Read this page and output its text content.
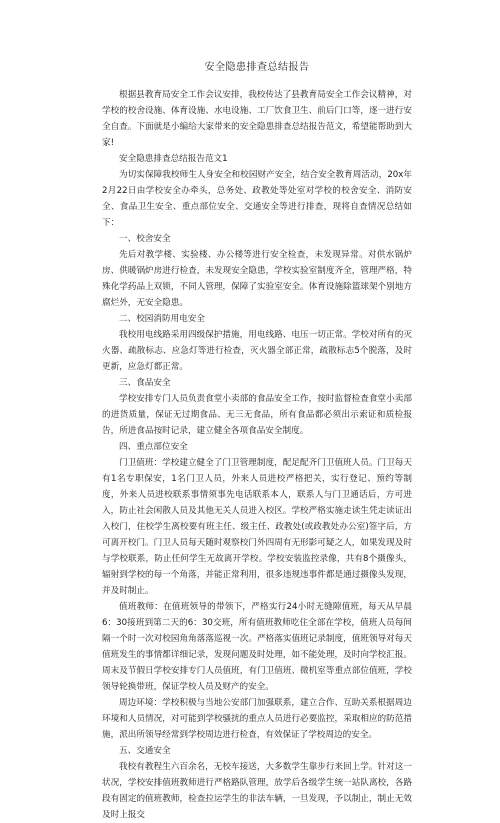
安全隐患排查总结报告

根据县教育局安全工作会议安排，我校传达了县教育局安全工作会议精神，对学校的校舍设施、体育设施、水电设施、工厂饮食卫生、前后门口等，逐一进行安全自查。下面就是小编给大家带来的安全隐患排查总结报告范文，希望能帮助到大家!

安全隐患排查总结报告范文1

为切实保障我校师生人身安全和校园财产安全，结合安全教育周活动，20x年2月22日由学校安全办牵头，总务处、政教处等处室对学校的校舍安全、消防安全、食品卫生安全、重点部位安全、交通安全等进行排查，现将自查情况总结如下：

一、校舍安全

先后对教学楼、实验楼、办公楼等进行安全检查，未发现异常。对供水锅炉房、供暖锅炉房进行检查，未发现安全隐患，学校实验室制度齐全，管理严格，特殊化学药品上双锁，不同人管理，保障了实验室安全。体育设施除篮球架个别地方腐烂外，无安全隐患。

二、校园消防用电安全

我校用电线路采用四级保护措施，用电线路、电压一切正常。学校对所有的灭火器、疏散标志、应急灯等进行检查，灭火器全部正常，疏散标志5个脱落，及时更新，应急灯都正常。

三、食品安全

学校安排专门人员负责食堂小卖部的食品安全工作，按时监督检查食堂小卖部的进货质量，保证无过期食品、无三无食品，所有食品都必须出示索证和质检报告，所进食品按时记录，建立健全各项食品安全制度。

四、重点部位安全

门卫值班：学校建立健全了门卫管理制度，配足配齐门卫值班人员。门卫每天有1名专职保安，1名门卫人员，外来人员进校严格把关，实行登记、预约等制度，外来人员进校联系事情须事先电话联系本人，联系人与门卫通话后，方可进入，防止社会闲散人员及其他无关人员进入校区。学校严格实施走读生凭走读证出入校门，住校学生离校要有班主任、级主任、政教处(或政教处办公室)签字后，方可离开校门。门卫人员每天随时观察校门外四周有无形影可疑之人，如果发现及时与学校联系，防止任何学生无故离开学校。学校安装监控录像，共有8个摄像头，辐射到学校的每一个角落，并能正常利用，很多违规违事件都是通过摄像头发现，并及时制止。

值班教师：在值班领导的带领下，严格实行24小时无缝隙值班，每天从早晨6：30接班到第二天的6：30交班，所有值班教师吃住全部在学校，值班人员每间隔一个时一次对校园角角落落巡视一次。严格落实值班记录制度，值班领导对每天值班发生的事情都详细记录，发现问题及时处理，如不能处理，及时向学校汇报。周末及节假日学校安排专门人员值班，有门卫值班、微机室等重点部位值班，学校领导轮换带班，保证学校人员及财产的安全。

周边环境：学校积极与当地公安部门加强联系，建立合作、互助关系根据周边环境和人员情况，对可能到学校骚扰的重点人员进行必要监控，采取相应的防范措施，派出所领导经常到学校周边进行检查，有效保证了学校周边的安全。

五、交通安全

我校有教程生六百余名，无校车接送，大多数学生靠步行来回上学。针对这一状况，学校安排值班教师进行严格路队管理，放学后各级学生统一站队离校，各路段有固定的值班教师，检查拉运学生的非法车辆，一旦发现，予以制止，制止无效及时上报交
